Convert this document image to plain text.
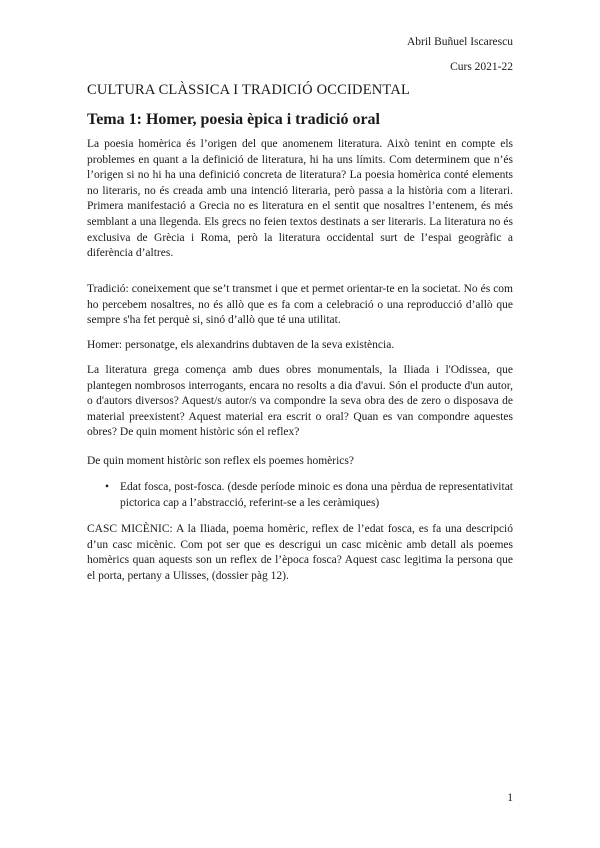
Abril Buñuel Iscarescu
Curs 2021-22
CULTURA CLÀSSICA I TRADICIÓ OCCIDENTAL
Tema 1: Homer, poesia èpica i tradició oral

La poesia homèrica és l’origen del que anomenem literatura. Això tenint en compte els problemes en quant a la definició de literatura, hi ha uns límits. Com determinem que n’és l’origen si no hi ha una definició concreta de literatura? La poesia homèrica conté elements no literaris, no és creada amb una intenció literaria, però passa a la història com a literari. Primera manifestació a Grecia no es literatura en el sentit que nosaltres l’entenem, és més semblant a una llegenda. Els grecs no feien textos destinats a ser literaris. La literatura no és exclusiva de Grècia i Roma, però la literatura occidental surt de l’espai geogràfic a diferència d’altres.

Tradició: coneixement que se’t transmet i que et permet orientar-te en la societat. No és com ho percebem nosaltres, no és allò que es fa com a celebració o una reproducció d’allò que sempre s'ha fet perquè si, sinó d’allò que té una utilitat.

Homer: personatge, els alexandrins dubtaven de la seva existència.

La literatura grega comença amb dues obres monumentals, la Iliada i l'Odissea, que plantegen nombrosos interrogants, encara no resolts a dia d'avui. Són el producte d'un autor, o d'autors diversos? Aquest/s autor/s va compondre la seva obra des de zero o disposava de material preexistent? Aquest material era escrit o oral? Quan es van compondre aquestes obres? De quin moment històric són el reflex?

De quin moment històric son reflex els poemes homèrics?

• Edat fosca, post-fosca. (desde període minoic es dona una pèrdua de representativitat pictorica cap a l’abstracció, referint-se a les ceràmiques)

CASC MICÈNIC: A la Iliada, poema homèric, reflex de l’edat fosca, es fa una descripció d’un casc micènic. Com pot ser que es descrigui un casc micènic amb detall als poemes homèrics quan aquests son un reflex de l’època fosca? Aquest casc legitima la persona que el porta, pertany a Ulisses, (dossier pàg 12).

1
